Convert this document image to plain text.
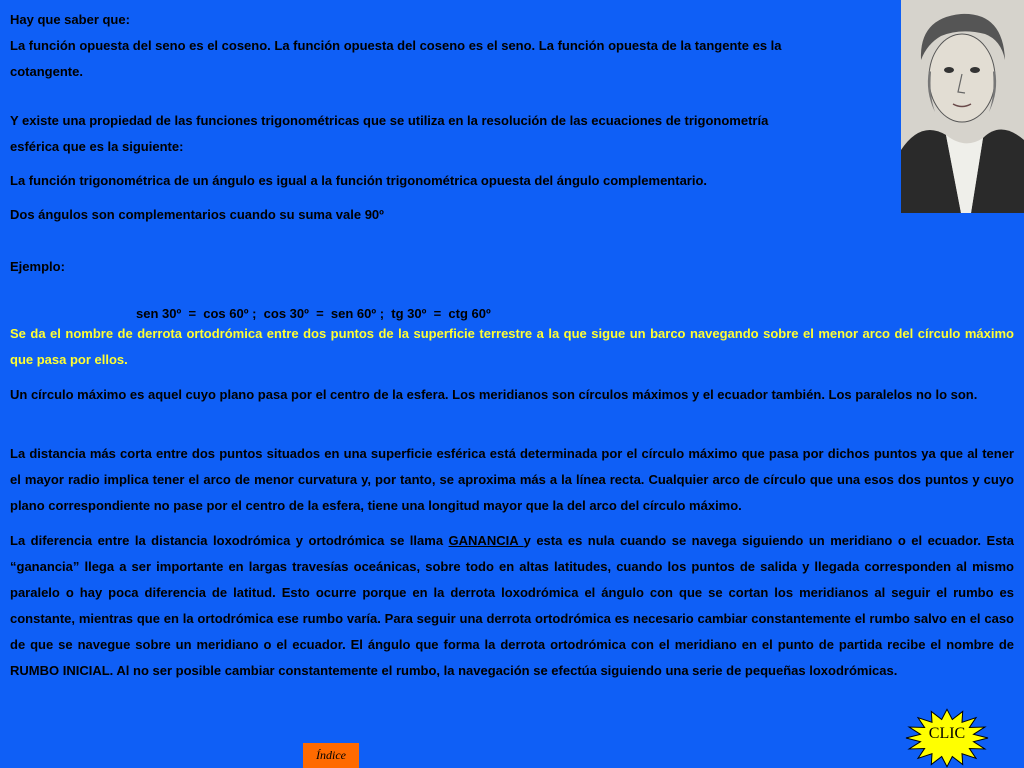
Hay que saber que:

La función opuesta del seno es el coseno. La función opuesta del coseno es el seno. La función opuesta de la tangente es la

cotangente.

Y existe una propiedad de las funciones trigonométricas que se utiliza en la resolución de las ecuaciones de trigonometría

esférica que es la siguiente:

La función trigonométrica de un ángulo es igual a la función trigonométrica opuesta del ángulo complementario.

Dos ángulos son complementarios cuando su suma vale 90º

Ejemplo:

sen 30º  =  cos 60º ;  cos 30º  =  sen 60º ;  tg 30º  =  ctg 60º

Se da el nombre de derrota ortodrómica entre dos puntos de la superficie terrestre a la que sigue un barco navegando sobre el menor arco del círculo máximo que pasa por ellos.

Un círculo máximo es aquel cuyo plano pasa por el centro de la esfera. Los meridianos son círculos máximos y el ecuador también. Los paralelos no lo son.

La distancia más corta entre dos puntos situados en una superficie esférica está determinada por el círculo máximo que pasa por dichos puntos ya que al tener el mayor radio implica tener el arco de menor curvatura y, por tanto, se aproxima más a la línea recta. Cualquier arco de círculo que una esos dos puntos y cuyo plano correspondiente no pase por el centro de la esfera, tiene una longitud mayor que la del arco del círculo máximo.

La diferencia entre la distancia loxodrómica y ortodrómica se llama GANANCIA y esta es nula cuando se navega siguiendo un meridiano o el ecuador. Esta “ganancia” llega a ser importante en largas travesías oceánicas, sobre todo en altas latitudes, cuando los puntos de salida y llegada corresponden al mismo paralelo o hay poca diferencia de latitud. Esto ocurre porque en la derrota loxodrómica el ángulo con que se cortan los meridianos al seguir el rumbo es constante, mientras que en la ortodrómica ese rumbo varía. Para seguir una derrota ortodrómica es necesario cambiar constantemente el rumbo salvo en el caso de que se navegue sobre un meridiano o el ecuador. El ángulo que forma la derrota ortodrómica con el meridiano en el punto de partida recibe el nombre de RUMBO INICIAL. Al no ser posible cambiar constantemente el rumbo, la navegación se efectúa siguiendo una serie de pequeñas loxodrómicas.

Índice
CLIC
